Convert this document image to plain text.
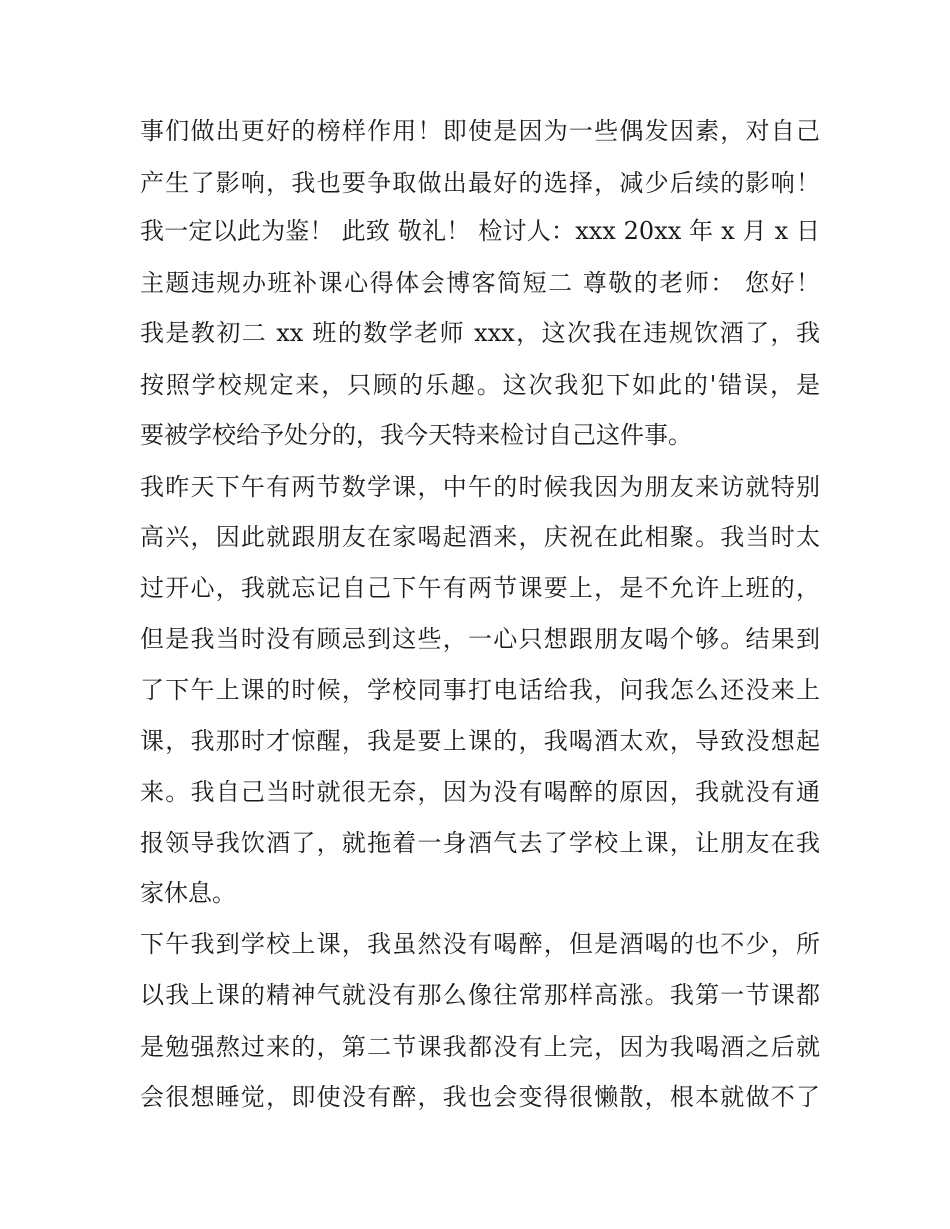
事们做出更好的榜样作用！即使是因为一些偶发因素，对自己
产生了影响，我也要争取做出最好的选择，减少后续的影响！
我一定以此为鉴！ 此致 敬礼！ 检讨人：xxx 20xx 年 x 月 x 日
主题违规办班补课心得体会博客简短二 尊敬的老师： 您好！
我是教初二 xx 班的数学老师 xxx，这次我在违规饮酒了，我
按照学校规定来，只顾的乐趣。这次我犯下如此的'错误，是
要被学校给予处分的，我今天特来检讨自己这件事。
我昨天下午有两节数学课，中午的时候我因为朋友来访就特别
高兴，因此就跟朋友在家喝起酒来，庆祝在此相聚。我当时太
过开心，我就忘记自己下午有两节课要上，是不允许上班的，
但是我当时没有顾忌到这些，一心只想跟朋友喝个够。结果到
了下午上课的时候，学校同事打电话给我，问我怎么还没来上
课，我那时才惊醒，我是要上课的，我喝酒太欢，导致没想起
来。我自己当时就很无奈，因为没有喝醉的原因，我就没有通
报领导我饮酒了，就拖着一身酒气去了学校上课，让朋友在我
家休息。
下午我到学校上课，我虽然没有喝醉，但是酒喝的也不少，所
以我上课的精神气就没有那么像往常那样高涨。我第一节课都
是勉强熬过来的，第二节课我都没有上完，因为我喝酒之后就
会很想睡觉，即使没有醉，我也会变得很懒散，根本就做不了
